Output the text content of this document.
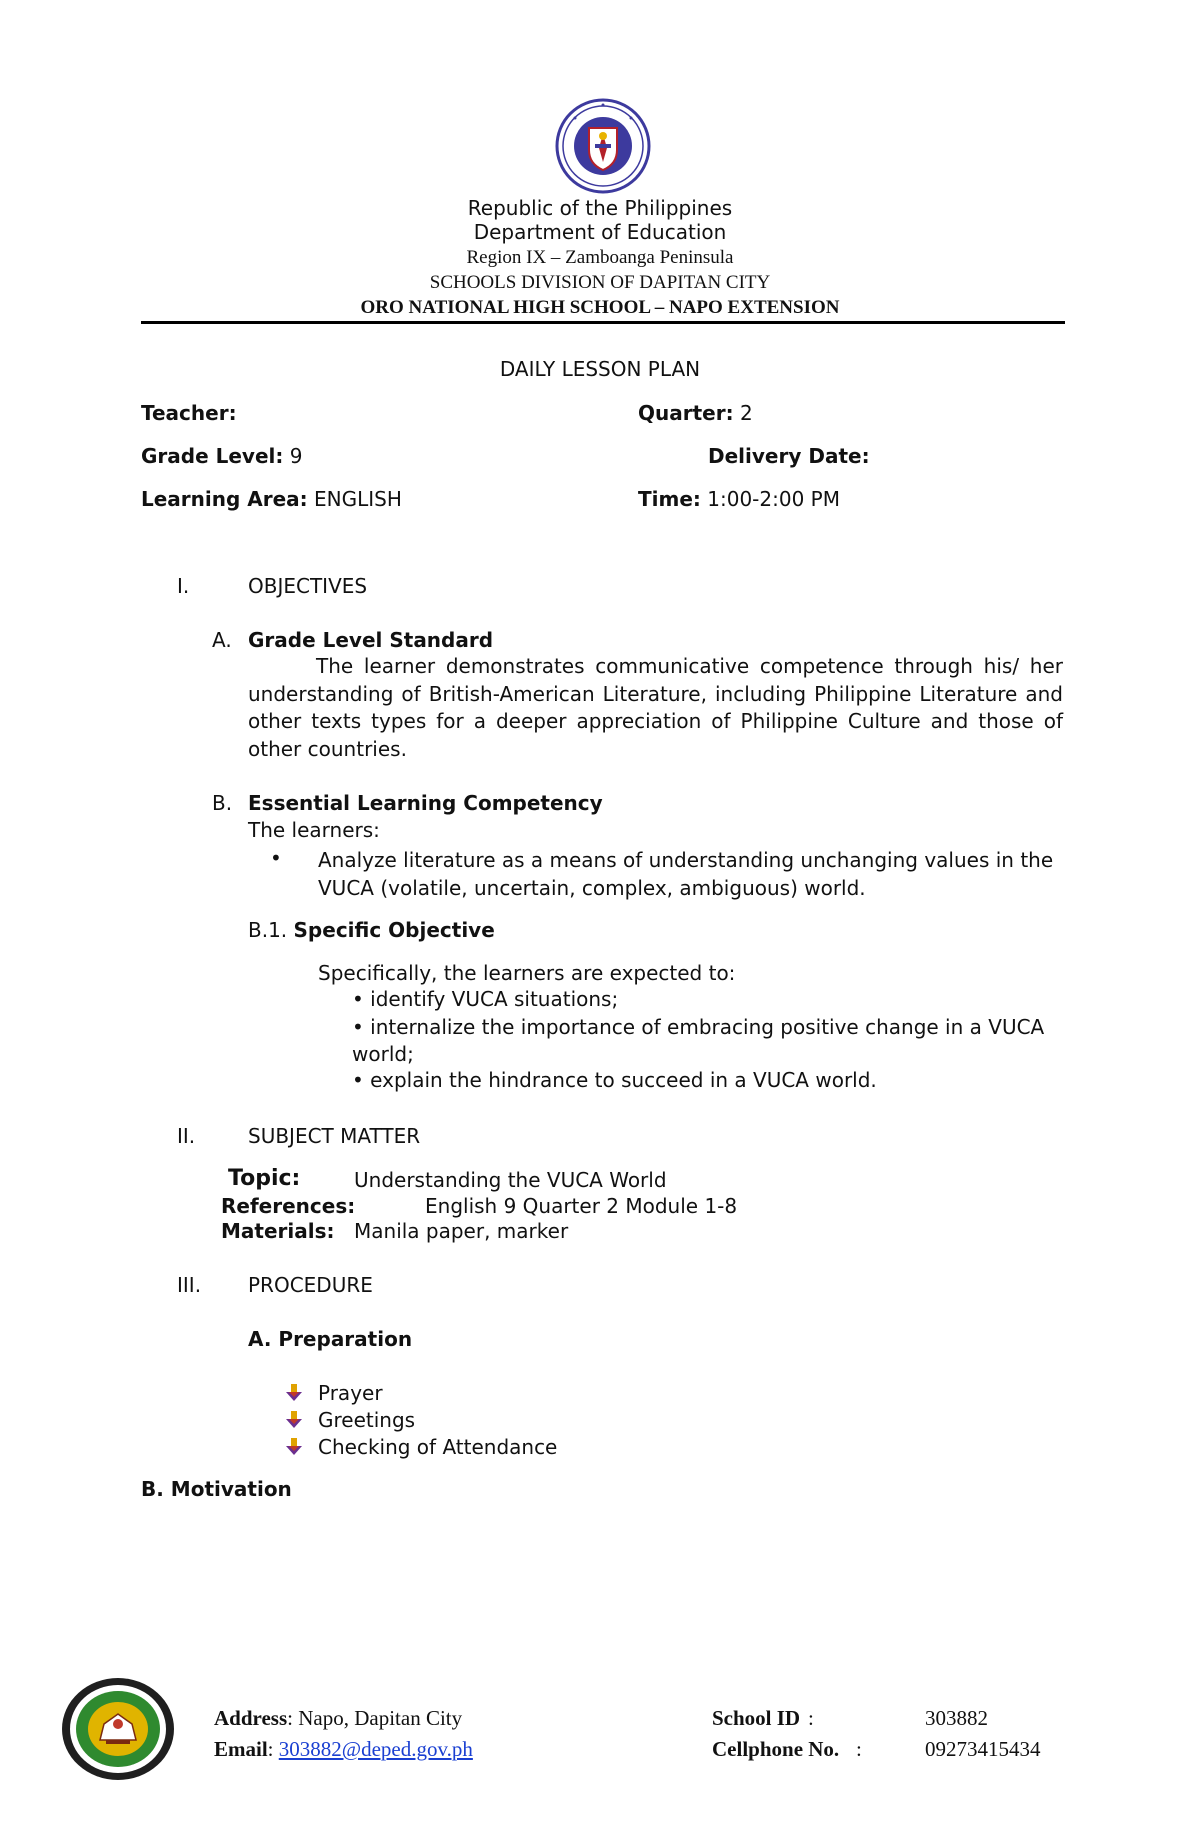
Republic of the Philippines
Department of Education
Region IX – Zamboanga Peninsula
SCHOOLS DIVISION OF DAPITAN CITY
ORO NATIONAL HIGH SCHOOL – NAPO EXTENSION
DAILY LESSON PLAN
Teacher:	Quarter: 2
Grade Level: 9	Delivery Date:
Learning Area: ENGLISH	Time: 1:00-2:00 PM
I.	OBJECTIVES
A. Grade Level Standard
The learner demonstrates communicative competence through his/ her understanding of British-American Literature, including Philippine Literature and other texts types for a deeper appreciation of Philippine Culture and those of other countries.
B. Essential Learning Competency
The learners:
• Analyze literature as a means of understanding unchanging values in the VUCA (volatile, uncertain, complex, ambiguous) world.
B.1. Specific Objective
Specifically, the learners are expected to:
• identify VUCA situations;
• internalize the importance of embracing positive change in a VUCA world;
• explain the hindrance to succeed in a VUCA world.
II.	SUBJECT MATTER
Topic:	Understanding the VUCA World
References:	English 9 Quarter 2 Module 1-8
Materials: Manila paper, marker
III. PROCEDURE
A. Preparation
Prayer
Greetings
Checking of Attendance
B. Motivation
Address: Napo, Dapitan City
Email: 303882@deped.gov.ph
School ID :	303882
Cellphone No. :	09273415434
